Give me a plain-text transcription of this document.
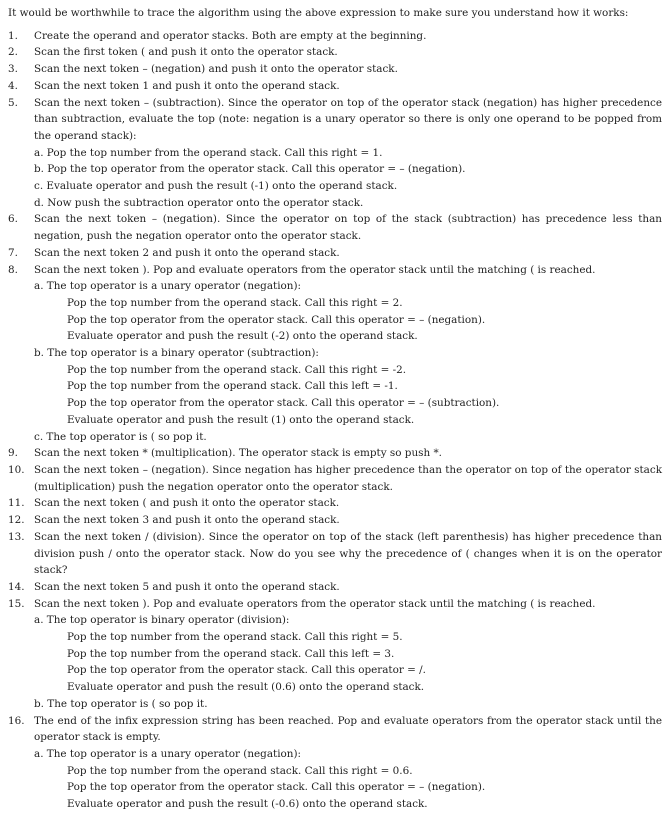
It would be worthwhile to trace the algorithm using the above expression to make sure you understand how it works:

1.	Create the operand and operator stacks. Both are empty at the beginning.
2.	Scan the first token ( and push it onto the operator stack.
3.	Scan the next token – (negation) and push it onto the operator stack.
4.	Scan the next token 1 and push it onto the operand stack.
5.	Scan the next token – (subtraction). Since the operator on top of the operator stack (negation) has higher precedence than subtraction, evaluate the top (note: negation is a unary operator so there is only one operand to be popped from the operand stack):
a. Pop the top number from the operand stack. Call this right = 1.
b. Pop the top operator from the operator stack. Call this operator = – (negation).
c. Evaluate operator and push the result (-1) onto the operand stack.
d. Now push the subtraction operator onto the operator stack.
6.	Scan the next token – (negation). Since the operator on top of the stack (subtraction) has precedence less than negation, push the negation operator onto the operator stack.
7.	Scan the next token 2 and push it onto the operand stack.
8.	Scan the next token ). Pop and evaluate operators from the operator stack until the matching ( is reached.
a. The top operator is a unary operator (negation):
Pop the top number from the operand stack. Call this right = 2.
Pop the top operator from the operator stack. Call this operator = – (negation).
Evaluate operator and push the result (-2) onto the operand stack.
b. The top operator is a binary operator (subtraction):
Pop the top number from the operand stack. Call this right = -2.
Pop the top number from the operand stack. Call this left = -1.
Pop the top operator from the operator stack. Call this operator = – (subtraction).
Evaluate operator and push the result (1) onto the operand stack.
c. The top operator is ( so pop it.
9.	Scan the next token * (multiplication). The operator stack is empty so push *.
10. Scan the next token – (negation). Since negation has higher precedence than the operator on top of the operator stack (multiplication) push the negation operator onto the operator stack.
11. Scan the next token ( and push it onto the operator stack.
12. Scan the next token 3 and push it onto the operand stack.
13. Scan the next token / (division). Since the operator on top of the stack (left parenthesis) has higher precedence than division push / onto the operator stack. Now do you see why the precedence of ( changes when it is on the operator stack?
14. Scan the next token 5 and push it onto the operand stack.
15. Scan the next token ). Pop and evaluate operators from the operator stack until the matching ( is reached.
a. The top operator is binary operator (division):
Pop the top number from the operand stack. Call this right = 5.
Pop the top number from the operand stack. Call this left = 3.
Pop the top operator from the operator stack. Call this operator = /.
Evaluate operator and push the result (0.6) onto the operand stack.
b. The top operator is ( so pop it.
16. The end of the infix expression string has been reached. Pop and evaluate operators from the operator stack until the operator stack is empty.
a. The top operator is a unary operator (negation):
Pop the top number from the operand stack. Call this right = 0.6.
Pop the top operator from the operator stack. Call this operator = – (negation).
Evaluate operator and push the result (-0.6) onto the operand stack.
